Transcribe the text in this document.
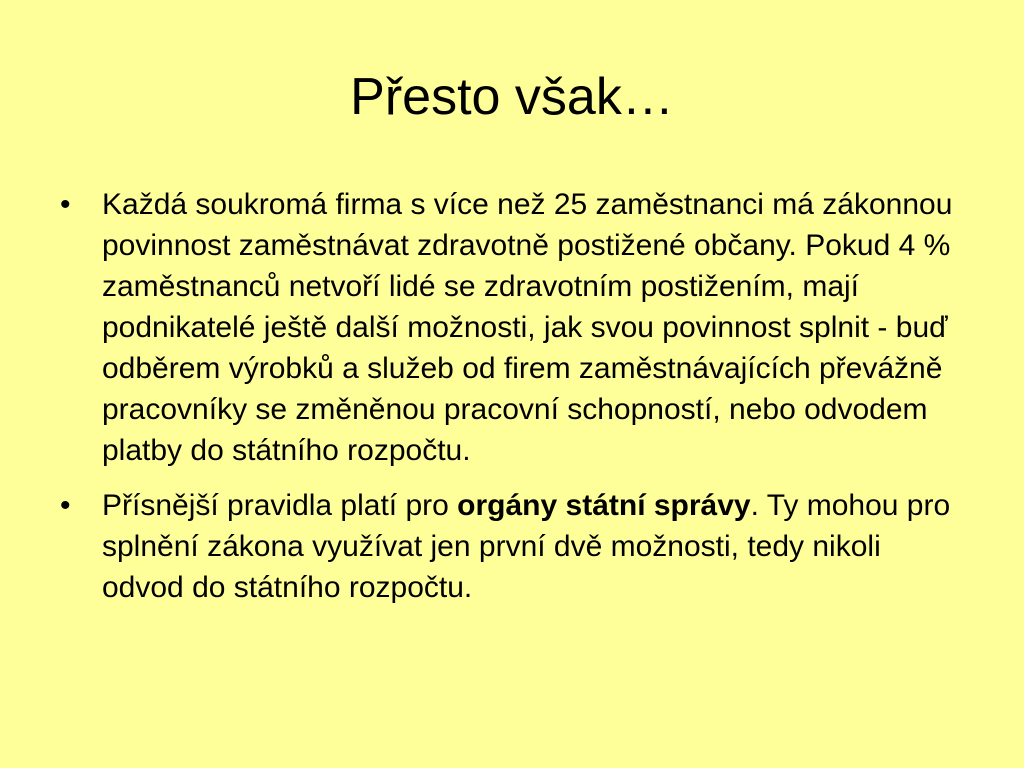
Přesto však…
•	Každá soukromá firma s více než 25 zaměstnanci má zákonnou povinnost zaměstnávat zdravotně postižené občany. Pokud 4 % zaměstnanců netvoří lidé se zdravotním postižením, mají podnikatelé ještě další možnosti, jak svou povinnost splnit - buď odběrem výrobků a služeb od firem zaměstnávajících převážně pracovníky se změněnou pracovní schopností, nebo odvodem platby do státního rozpočtu.
•	Přísnější pravidla platí pro orgány státní správy. Ty mohou pro splnění zákona využívat jen první dvě možnosti, tedy nikoli odvod do státního rozpočtu.
